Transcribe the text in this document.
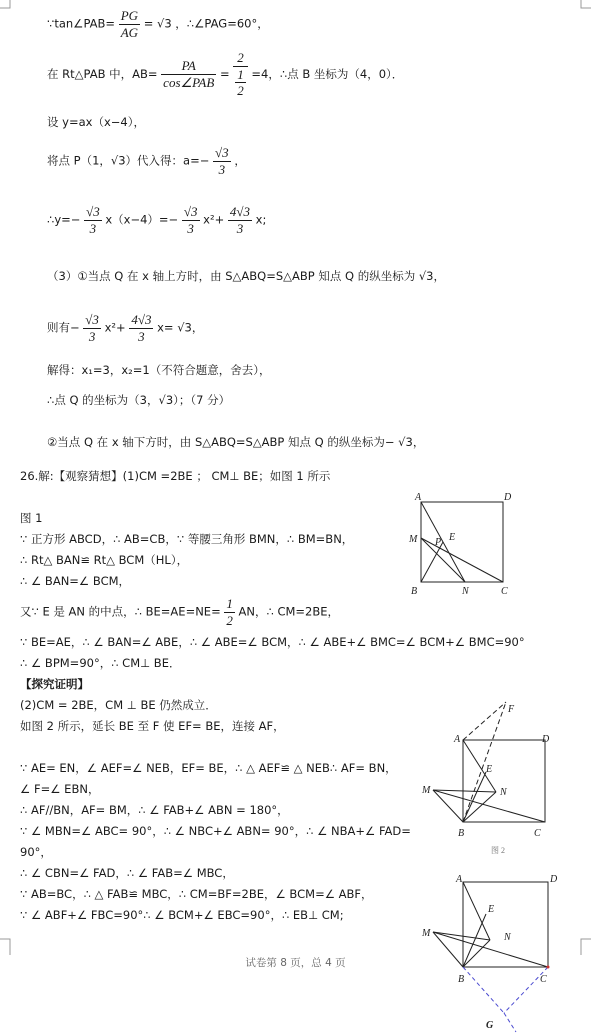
∵tan∠PAB= $\frac{PG}{AG} = √3$ ，∴∠PAG=60°，
在 Rt△PAB 中，$AB= \frac{PA}{\text{cos∠PAB}} = \frac{2}{\frac{1}{2}} =4$，∴点 B 坐标为（4，0）．
设 y=ax（x−4），
将点 P（1，√3）代入得：$a=- \frac{√3}{3}$ ，
∴y=− $\frac{√3}{3} x(x-4)=- \frac{√3}{3} x^2+ \frac{4√3}{3} x$;
（3）①当点 Q 在 x 轴上方时，由 S△ABQ=S△ABP 知点 Q 的纵坐标为 √3，
则有− $\frac{√3}{3} x^2+ \frac{4√3}{3} x= √3$，
解得：x₁=3，x₂=1（不符合题意，舍去），
∴点 Q 的坐标为（3，√3）；（7 分）
②当点 Q 在 x 轴下方时，由 S△ABQ=S△ABP 知点 Q 的纵坐标为− √3，
26.解:【观察猜想】(1)CM =2BE ； CM⊥ BE；如图 1 所示
图 1
∵ 正方形 ABCD，∴ AB=CB，∵ 等腰三角形 BMN，∴ BM=BN，
∴ Rt△ BAN≌ Rt△ BCM（HL），
∴ ∠ BAN=∠ BCM，
又∵ E 是 AN 的中点，∴ $BE=AE=NE= \frac{1}{2}$ AN，∴ CM=2BE，
∵ BE=AE，∴ ∠ BAN=∠ ABE，∴ ∠ ABE=∠ BCM，∴ ∠ ABE+∠ BMC=∠ BCM+∠ BMC=90°
∴ ∠ BPM=90°，∴ CM⊥ BE．
【探究证明】
(2)CM = 2BE，CM ⊥ BE 仍然成立．
如图 2 所示，延长 BE 至 F 使 EF= BE，连接 AF，
∵ AE= EN，∠ AEF=∠ NEB，EF= BE，∴ △ AEF≌ △ NEB∴ AF= BN，
∠ F=∠ EBN，
∴ AF//BN，AF= BM，∴ ∠ FAB+∠ ABN = 180°，
∵ ∠ MBN=∠ ABC= 90°，∴ ∠ NBC+∠ ABN= 90°，∴ ∠ NBA+∠ FAD=
90°，
∴ ∠ CBN=∠ FAD，∴ ∠ FAB=∠ MBC，
∵ AB=BC，∴ △ FAB≌ MBC，∴ CM=BF=2BE，∠ BCM=∠ ABF，
∵ ∠ ABF+∠ FBC=90°∴ ∠ BCM+∠ EBC=90°，∴ EB⊥ CM;
A	D
M P E
B	N	C
F
A	D
E
M	N
B	C
图 2
A	D
E
M	N
B	C
G
试卷第 8 页，总 4 页
